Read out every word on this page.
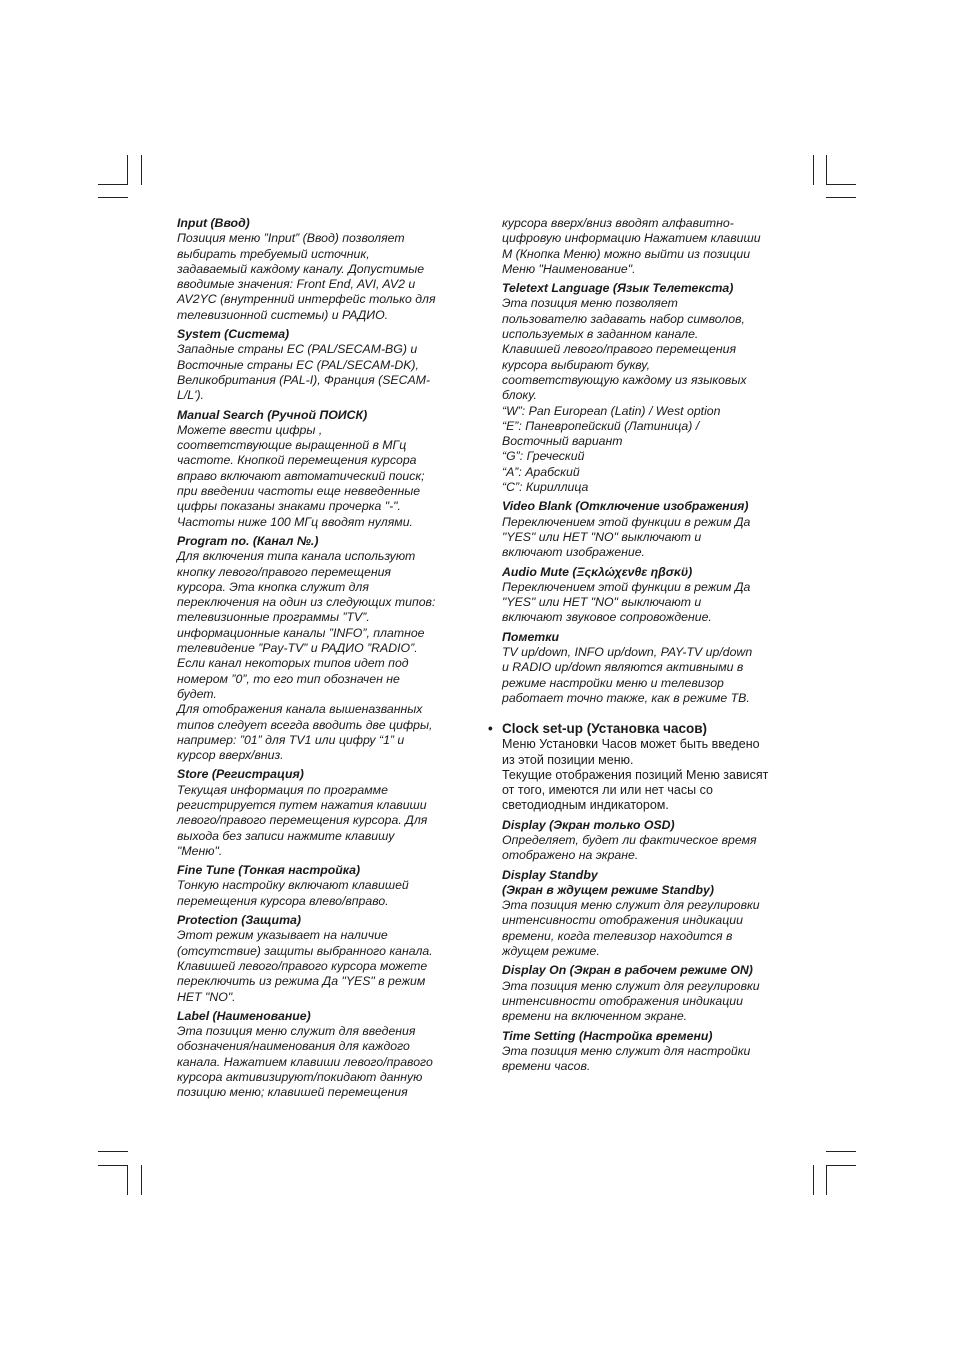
Input (Ввод)

Позиция меню ”Input” (Ввод) позволяет
выбирать требуемый источник,
задаваемый каждому каналу. Допустимые
вводимые значения: Front End, AVI, AV2 и
AV2YC (внутренний интерфейс только для
телевизионной системы) и РАДИО.

System (Система)

Западные страны ЕС (PAL/SECAM-BG) и
Восточные страны ЕС (PAL/SECAM-DK),
Великобритания (PAL-I), Франция (SECAM-
L/L').

Manual Search (Ручной ПОИСК)

Можете ввести цифры ,
соответствующие выращенной в МГц
частоте. Кнопкой перемещения курсора
вправо включают автоматический поиск;
при введении частоты еще невведенные
цифры показаны знаками прочерка "-".
Частоты ниже 100 МГц вводят нулями.

Program no. (Канал №.)

Для включения типа канала используют
кнопку левого/правого перемещения
курсора. Эта кнопка служит для
переключения на один из следующих типов:
телевизионные программы ”TV”.
информационные каналы ”INFO”, платное
телевидение ”Pay-TV” и РАДИО ”RADIO”.
Если канал некоторых типов идет под
номером ”0”, то его тип обозначен не
будет.
Для отображения канала вышеназванных
типов следует всегда вводить две цифры,
например: ”01” для TV1 или цифру “1” и
курсор вверх/вниз.

Store (Регистрация)

Текущая информация по программе
регистрируется путем нажатия клавиши
левого/правого перемещения курсора. Для
выхода без записи нажмите клавишу
"Меню".

Fine Tune (Тонкая настройка)

Тонкую настройку включают клавишей
перемещения курсора влево/вправо.

Protection (Защита)

Этот режим указывает на наличие
(отсутствие) защиты выбранного канала.
Клавишей левого/правого курсора можете
переключить из режима Да "YES" в режим
НЕТ "NO".

Label (Наименование)

Эта позиция меню служит для введения
обозначения/наименования для каждого
канала. Нажатием клавиши левого/правого
курсора активизируют/покидают данную
позицию меню; клавишей перемещения

курсора вверх/вниз вводят алфавитно-
цифровую информацию Нажатием клавиши
М (Кнопка Меню) можно выйти из позиции
Меню "Наименование".

Teletext Language (Язык Телетекста)

Эта позиция меню позволяет
пользователю задавать набор символов,
используемых в заданном канале.
Клавишей левого/правого перемещения
курсора выбирают букву,
соответствующую каждому из языковых
блоку.
“W”: Pan European (Latin) / West option
“E”: Паневропейский (Латиница) /
Восточный вариант
“G”: Греческий
“A”: Арабский
“C”: Кириллица

Video Blank (Отключение изображения)

Переключением этой функции в режим Да
"YES" или НЕТ "NO" выключают и
включают изображение.

Audio Mute (Ξςκλώχενθε ηβσκϋ)

Переключением этой функции в режим Да
"YES" или НЕТ "NO" выключают и
включают звуковое сопровождение.

Пометки

TV up/down, INFO up/down, PAY-TV up/down
и RADIO up/down являются активными в
режиме настройки меню и телевизор
работает точно также, как в режиме ТВ.

• Clock set-up (Установка часов)

Меню Установки Часов может быть введено
из этой позиции меню.
Текущие отображения позиций Меню зависят
от того, имеются ли или нет часы со
светодиодным индикатором.

Display (Экран только OSD)

Определяет, будет ли фактическое время
отображено на экране.

Display Standby
(Экран в ждущем режиме Standby)

Эта позиция меню служит для регулировки
интенсивности отображения индикации
времени, когда телевизор находится в
ждущем режиме.

Display On (Экран в рабочем режиме ON)

Эта позиция меню служит для регулировки
интенсивности отображения индикации
времени на включенном экране.

Time Setting (Настройка времени)

Эта позиция меню служит для настройки
времени часов.
